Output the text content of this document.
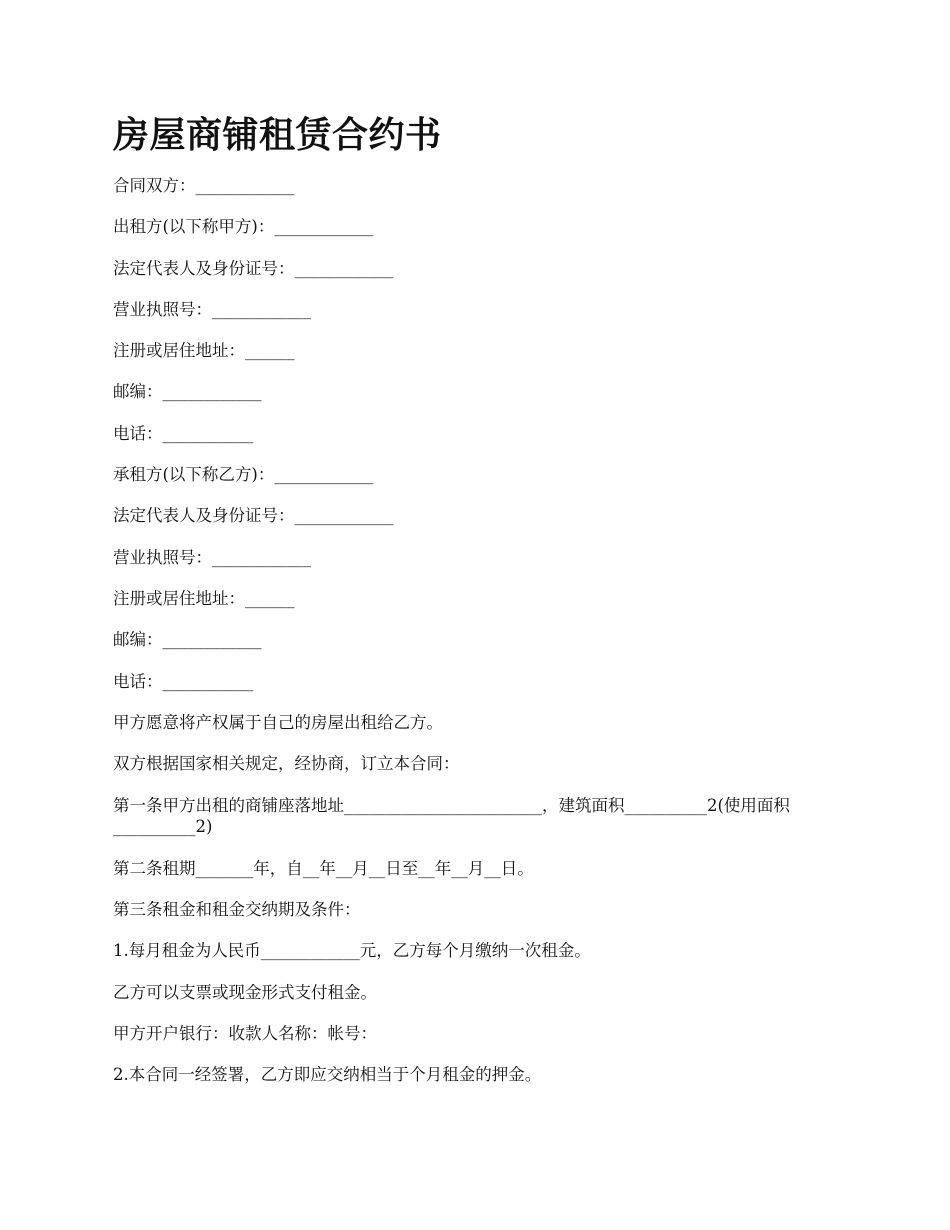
房屋商铺租赁合约书

合同双方：____________

出租方(以下称甲方)：____________

法定代表人及身份证号：____________

营业执照号：____________

注册或居住地址：______

邮编：____________

电话：___________

承租方(以下称乙方)：____________

法定代表人及身份证号：____________

营业执照号：____________

注册或居住地址：______

邮编：____________

电话：___________

甲方愿意将产权属于自己的房屋出租给乙方。

双方根据国家相关规定，经协商，订立本合同：

第一条甲方出租的商铺座落地址________________________，建筑面积__________2(使用面积__________2)

第二条租期_______年，自__年__月__日至__年__月__日。

第三条租金和租金交纳期及条件：

1.每月租金为人民币____________元，乙方每个月缴纳一次租金。

乙方可以支票或现金形式支付租金。

甲方开户银行：收款人名称：帐号：

2.本合同一经签署，乙方即应交纳相当于个月租金的押金。
